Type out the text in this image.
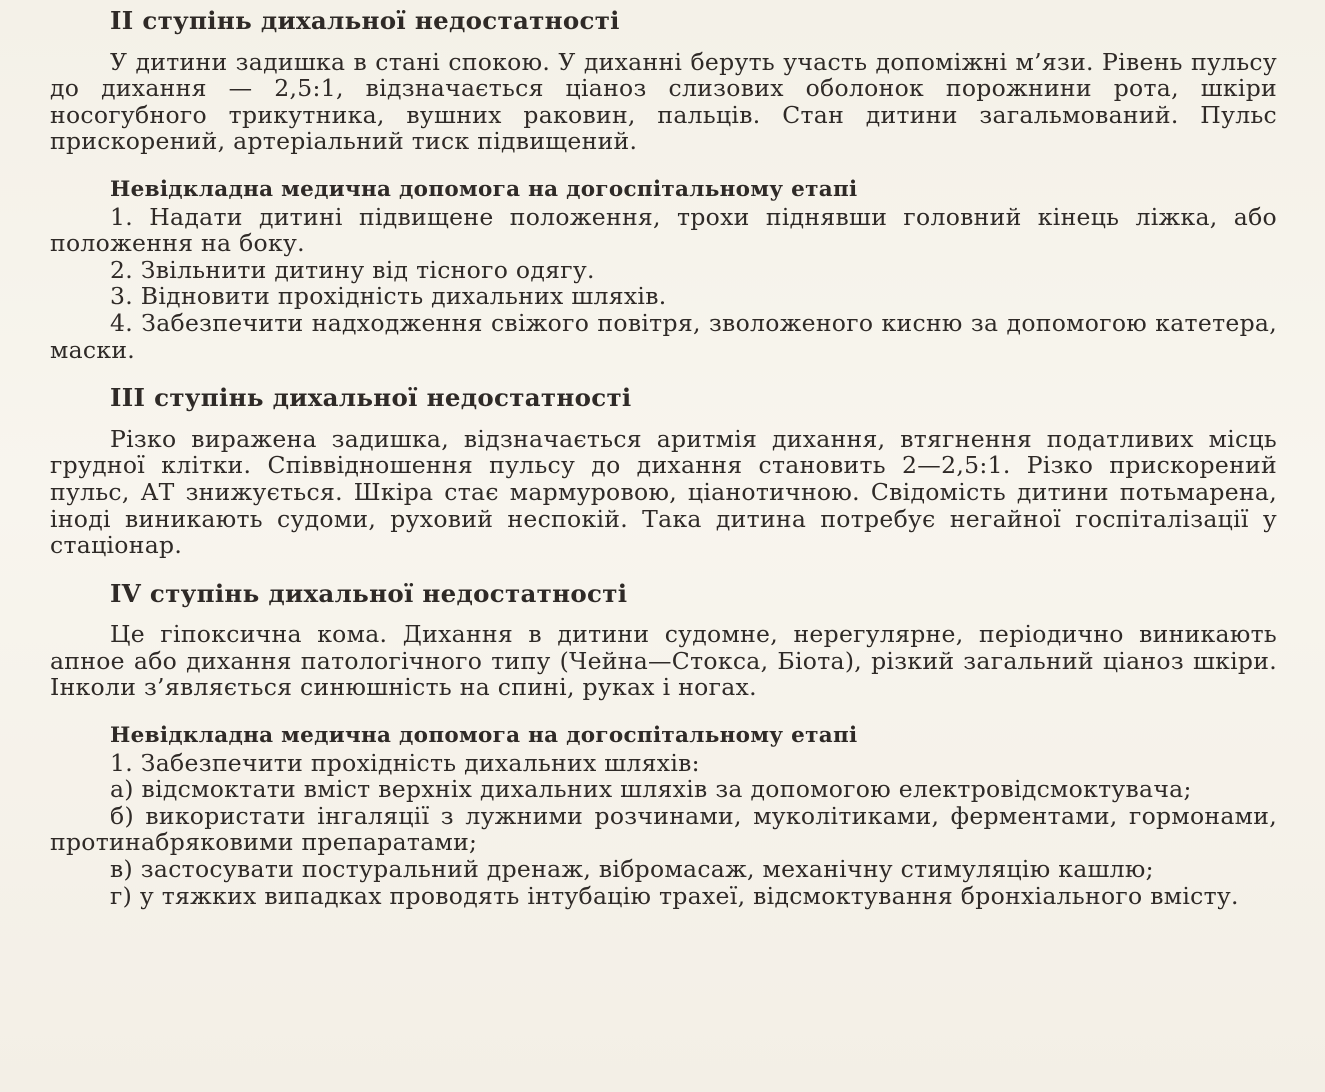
II ступінь дихальної недостатності

У дитини задишка в стані спокою. У диханні беруть участь допоміжні м’язи. Рівень пульсу до дихання — 2,5:1, відзначається ціаноз слизових оболонок порожнини рота, шкіри носогубного трикутника, вушних раковин, пальців. Стан дитини загальмований. Пульс прискорений, артеріальний тиск підвищений.

Невідкладна медична допомога на догоспітальному етапі
1. Надати дитині підвищене положення, трохи піднявши головний кінець ліжка, або положення на боку.
2. Звільнити дитину від тісного одягу.
3. Відновити прохідність дихальних шляхів.
4. Забезпечити надходження свіжого повітря, зволоженого кисню за допомогою катетера, маски.
III ступінь дихальної недостатності

Різко виражена задишка, відзначається аритмія дихання, втягнення податливих місць грудної клітки. Співвідношення пульсу до дихання становить 2—2,5:1. Різко прискорений пульс, АТ знижується. Шкіра стає мармуровою, ціанотичною. Свідомість дитини потьмарена, іноді виникають судоми, руховий неспокій. Така дитина потребує негайної госпіталізації у стаціонар.

IV ступінь дихальної недостатності

Це гіпоксична кома. Дихання в дитини судомне, нерегулярне, періодично виникають апное або дихання патологічного типу (Чейна—Стокса, Біота), різкий загальний ціаноз шкіри. Інколи з’являється синюшність на спині, руках і ногах.

Невідкладна медична допомога на догоспітальному етапі
1. Забезпечити прохідність дихальних шляхів:
а) відсмоктати вміст верхніх дихальних шляхів за допомогою електровідсмоктувача;
б) використати інгаляції з лужними розчинами, муколітиками, ферментами, гормонами, протинабряковими препаратами;
в) застосувати постуральний дренаж, вібромасаж, механічну стимуляцію кашлю;
г) у тяжких випадках проводять інтубацію трахеї, відсмоктування бронхіального вмісту.
